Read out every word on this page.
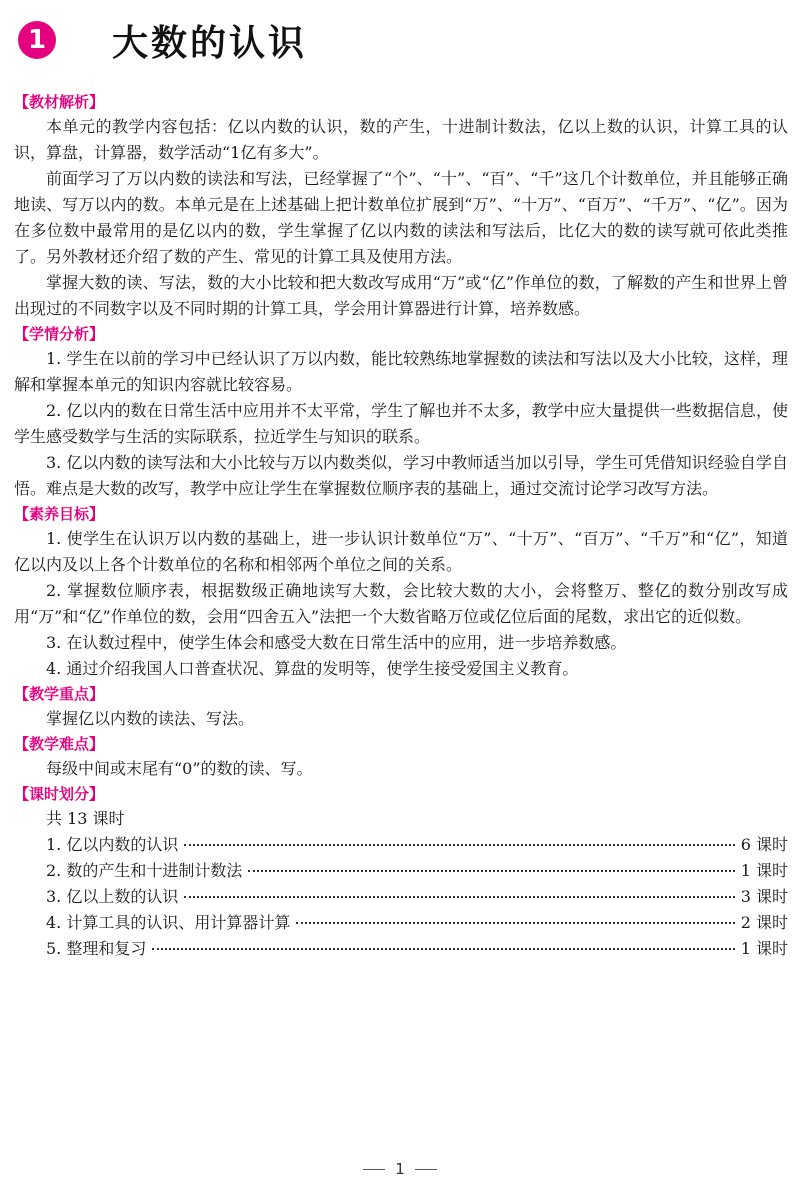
1 大数的认识

【教材解析】

本单元的教学内容包括：亿以内数的认识，数的产生，十进制计数法，亿以上数的认识，计算工具的认识，算盘，计算器，数学活动“1亿有多大”。

前面学习了万以内数的读法和写法，已经掌握了“个”、“十”、“百”、“千”这几个计数单位，并且能够正确地读、写万以内的数。本单元是在上述基础上把计数单位扩展到“万”、“十万”、“百万”、“千万”、“亿”。因为在多位数中最常用的是亿以内的数，学生掌握了亿以内数的读法和写法后，比亿大的数的读写就可依此类推了。另外教材还介绍了数的产生、常见的计算工具及使用方法。

掌握大数的读、写法，数的大小比较和把大数改写成用“万”或“亿”作单位的数，了解数的产生和世界上曾出现过的不同数字以及不同时期的计算工具，学会用计算器进行计算，培养数感。

【学情分析】

1. 学生在以前的学习中已经认识了万以内数，能比较熟练地掌握数的读法和写法以及大小比较，这样，理解和掌握本单元的知识内容就比较容易。

2. 亿以内的数在日常生活中应用并不太平常，学生了解也并不太多，教学中应大量提供一些数据信息，使学生感受数学与生活的实际联系，拉近学生与知识的联系。

3. 亿以内数的读写法和大小比较与万以内数类似，学习中教师适当加以引导，学生可凭借知识经验自学自悟。难点是大数的改写，教学中应让学生在掌握数位顺序表的基础上，通过交流讨论学习改写方法。

【素养目标】

1. 使学生在认识万以内数的基础上，进一步认识计数单位“万”、“十万”、“百万”、“千万”和“亿”，知道亿以内及以上各个计数单位的名称和相邻两个单位之间的关系。

2. 掌握数位顺序表，根据数级正确地读写大数，会比较大数的大小，会将整万、整亿的数分别改写成用“万”和“亿”作单位的数，会用“四舍五入”法把一个大数省略万位或亿位后面的尾数，求出它的近似数。

3. 在认数过程中，使学生体会和感受大数在日常生活中的应用，进一步培养数感。

4. 通过介绍我国人口普查状况、算盘的发明等，使学生接受爱国主义教育。

【教学重点】

掌握亿以内数的读法、写法。

【教学难点】

每级中间或末尾有“0”的数的读、写。

【课时划分】

共 13 课时

1. 亿以内数的认识	6 课时
2. 数的产生和十进制计数法	1 课时
3. 亿以上数的认识	3 课时
4. 计算工具的认识、用计算器计算	2 课时
5. 整理和复习	1 课时
1
